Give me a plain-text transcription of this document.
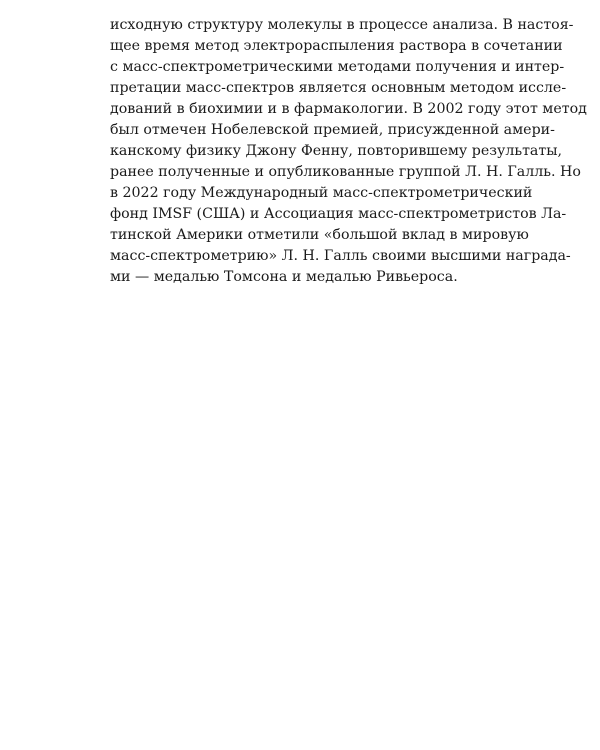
исходную структуру молекулы в процессе анализа. В настоя-
щее время метод электрораспыления раствора в сочетании
с масс-спектрометрическими методами получения и интер-
претации масс-спектров является основным методом иссле-
дований в биохимии и в фармакологии. В 2002 году этот метод
был отмечен Нобелевской премией, присужденной амери-
канскому физику Джону Фенну, повторившему результаты,
ранее полученные и опубликованные группой Л. Н. Галль. Но
в 2022 году Международный масс-спектрометрический
фонд IMSF (США) и Ассоциация масс-спектрометристов Ла-
тинской Америки отметили «большой вклад в мировую
масс-спектрометрию» Л. Н. Галль своими высшими награда-
ми — медалью Томсона и медалью Ривьероса.
